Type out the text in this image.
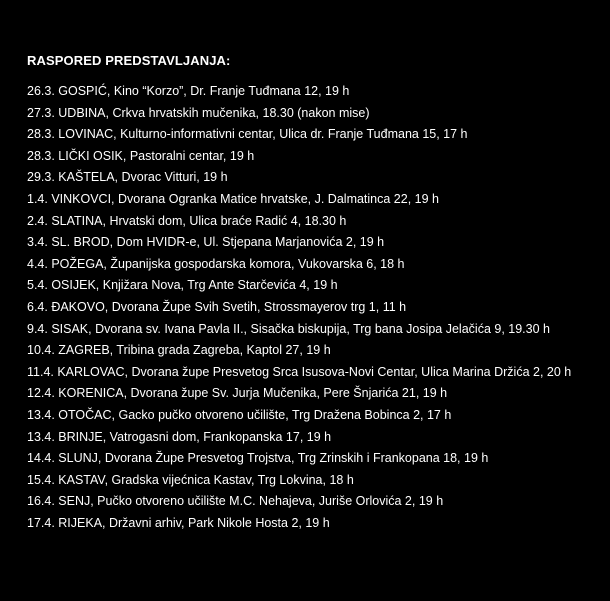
RASPORED PREDSTAVLJANJA:
26.3. GOSPIĆ, Kino “Korzo”, Dr. Franje Tuđmana 12, 19 h
27.3. UDBINA, Crkva hrvatskih mučenika, 18.30 (nakon mise)
28.3. LOVINAC, Kulturno-informativni centar, Ulica dr. Franje Tuđmana 15, 17 h
28.3. LIČKI OSIK, Pastoralni centar, 19 h
29.3. KAŠTELA, Dvorac Vitturi, 19 h
1.4. VINKOVCI, Dvorana Ogranka Matice hrvatske, J. Dalmatinca 22, 19 h
2.4. SLATINA, Hrvatski dom, Ulica braće Radić 4, 18.30 h
3.4. SL. BROD, Dom HVIDR-e, Ul. Stjepana Marjanovića 2, 19 h
4.4. POŽEGA, Županijska gospodarska komora, Vukovarska 6, 18 h
5.4. OSIJEK, Knjižara Nova, Trg Ante Starčevića 4, 19 h
6.4. ĐAKOVO, Dvorana Župe Svih Svetih, Strossmayerov trg 1, 11 h
9.4. SISAK, Dvorana sv. Ivana Pavla II., Sisačka biskupija, Trg bana Josipa Jelačića 9, 19.30 h
10.4. ZAGREB, Tribina grada Zagreba, Kaptol 27, 19 h
11.4. KARLOVAC, Dvorana župe Presvetog Srca Isusova-Novi Centar, Ulica Marina Držića 2, 20 h
12.4. KORENICA, Dvorana župe Sv. Jurja Mučenika, Pere Šnjarića 21, 19 h
13.4. OTOČAC, Gacko pučko otvoreno učilište, Trg Dražena Bobinca 2, 17 h
13.4. BRINJE, Vatrogasni dom, Frankopanska 17, 19 h
14.4. SLUNJ, Dvorana Župe Presvetog Trojstva, Trg Zrinskih i Frankopana 18, 19 h
15.4. KASTAV, Gradska vijećnica Kastav, Trg Lokvina, 18 h
16.4. SENJ, Pučko otvoreno učilište M.C. Nehajeva, Juriše Orlovića 2, 19 h
17.4. RIJEKA, Državni arhiv, Park Nikole Hosta 2, 19 h
